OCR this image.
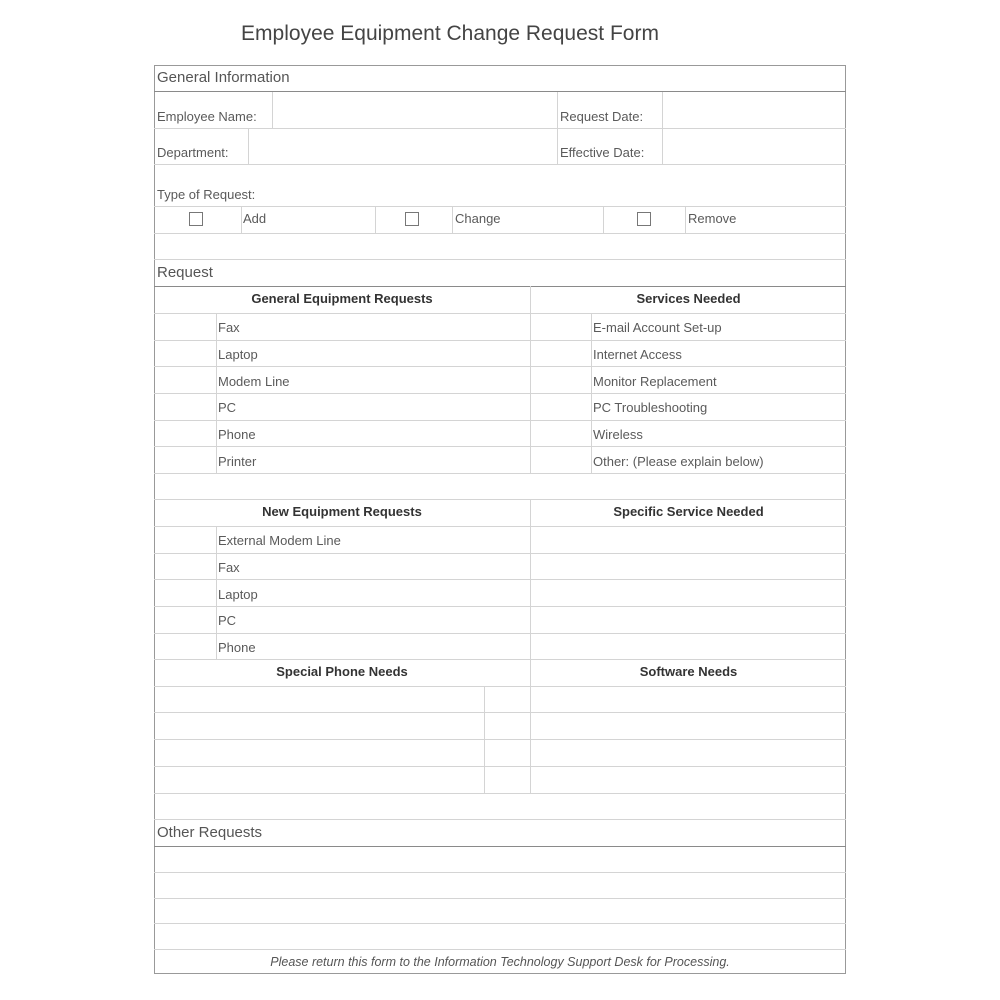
Employee Equipment Change Request Form
General Information
Employee Name:	Request Date:
Department:	Effective Date:
Type of Request:
Add	Change	Remove
Request
General Equipment Requests	Services Needed
Fax	E-mail Account Set-up
Laptop	Internet Access
Modem Line	Monitor Replacement
PC	PC Troubleshooting
Phone	Wireless
Printer	Other: (Please explain below)
New Equipment Requests	Specific Service Needed
External Modem Line
Fax
Laptop
PC
Phone
Special Phone Needs	Software Needs
Other Requests
Please return this form to the Information Technology Support Desk for Processing.
